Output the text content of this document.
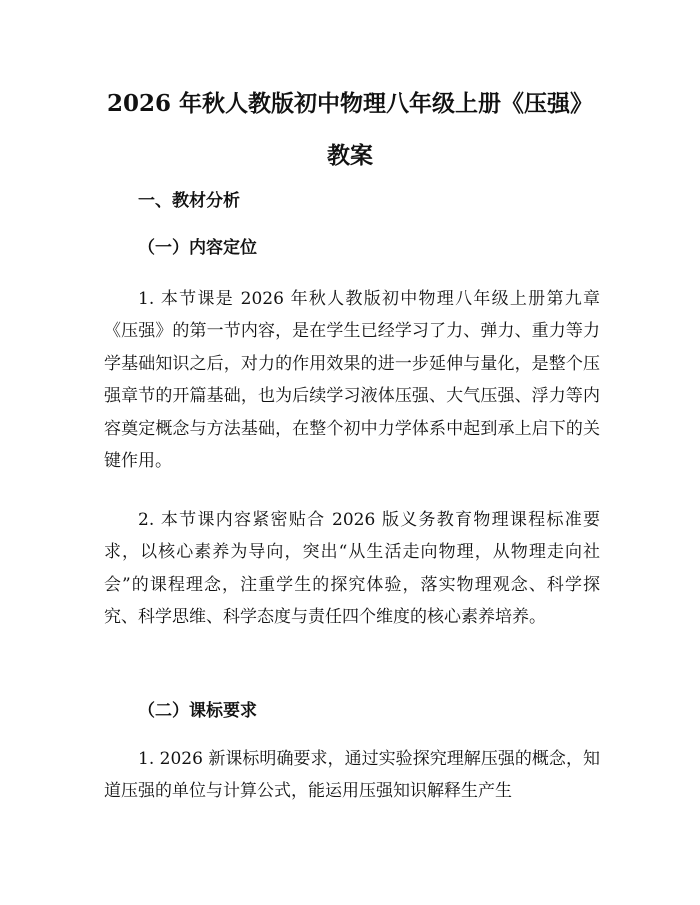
2026 年秋人教版初中物理八年级上册《压强》教案
一、教材分析
（一）内容定位

1. 本节课是 2026 年秋人教版初中物理八年级上册第九章《压强》的第一节内容，是在学生已经学习了力、弹力、重力等力学基础知识之后，对力的作用效果的进一步延伸与量化，是整个压强章节的开篇基础，也为后续学习液体压强、大气压强、浮力等内容奠定概念与方法基础，在整个初中力学体系中起到承上启下的关键作用。

2. 本节课内容紧密贴合 2026 版义务教育物理课程标准要求，以核心素养为导向，突出“从生活走向物理，从物理走向社会”的课程理念，注重学生的探究体验，落实物理观念、科学探究、科学思维、科学态度与责任四个维度的核心素养培养。

（二）课标要求

1. 2026 新课标明确要求，通过实验探究理解压强的概念，知道压强的单位与计算公式，能运用压强知识解释生产生
